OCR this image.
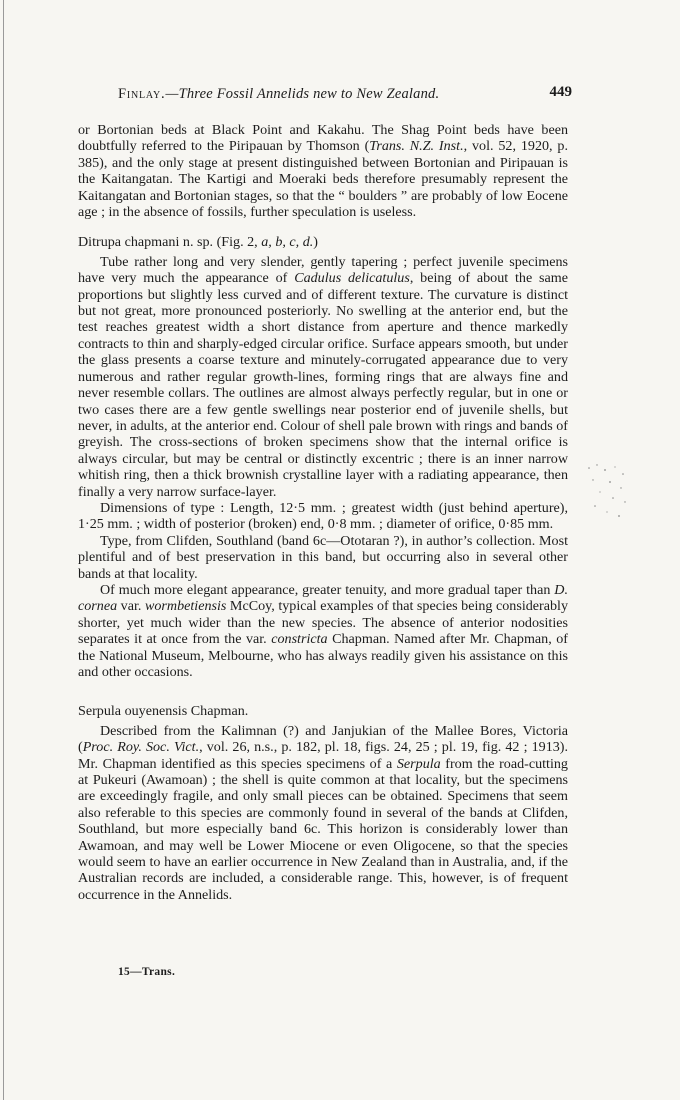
Finlay.—Three Fossil Annelids new to New Zealand.	449

or Bortonian beds at Black Point and Kakahu. The Shag Point beds have been doubtfully referred to the Piripauan by Thomson (Trans. N.Z. Inst., vol. 52, 1920, p. 385), and the only stage at present distinguished between Bortonian and Piripauan is the Kaitangatan. The Kartigi and Moeraki beds therefore presumably represent the Kaitangatan and Bortonian stages, so that the “ boulders ” are probably of low Eocene age ; in the absence of fossils, further speculation is useless.

Ditrupa chapmani n. sp. (Fig. 2, a, b, c, d.)

Tube rather long and very slender, gently tapering ; perfect juvenile specimens have very much the appearance of Cadulus delicatulus, being of about the same proportions but slightly less curved and of different texture. The curvature is distinct but not great, more pronounced posteriorly. No swelling at the anterior end, but the test reaches greatest width a short distance from aperture and thence markedly contracts to thin and sharply-edged circular orifice. Surface appears smooth, but under the glass presents a coarse texture and minutely-corrugated appearance due to very numerous and rather regular growth-lines, forming rings that are always fine and never resemble collars. The outlines are almost always perfectly regular, but in one or two cases there are a few gentle swellings near posterior end of juvenile shells, but never, in adults, at the anterior end. Colour of shell pale brown with rings and bands of greyish. The cross-sections of broken specimens show that the internal orifice is always circular, but may be central or distinctly excentric ; there is an inner narrow whitish ring, then a thick brownish crystalline layer with a radiating appearance, then finally a very narrow surface-layer.

Dimensions of type : Length, 12·5 mm. ; greatest width (just behind aperture), 1·25 mm. ; width of posterior (broken) end, 0·8 mm. ; diameter of orifice, 0·85 mm.

Type, from Clifden, Southland (band 6c—Ototaran ?), in author’s collection. Most plentiful and of best preservation in this band, but occurring also in several other bands at that locality.

Of much more elegant appearance, greater tenuity, and more gradual taper than D. cornea var. wormbetiensis McCoy, typical examples of that species being considerably shorter, yet much wider than the new species. The absence of anterior nodosities separates it at once from the var. constricta Chapman. Named after Mr. Chapman, of the National Museum, Melbourne, who has always readily given his assistance on this and other occasions.

Serpula ouyenensis Chapman.

Described from the Kalimnan (?) and Janjukian of the Mallee Bores, Victoria (Proc. Roy. Soc. Vict., vol. 26, n.s., p. 182, pl. 18, figs. 24, 25 ; pl. 19, fig. 42 ; 1913). Mr. Chapman identified as this species specimens of a Serpula from the road-cutting at Pukeuri (Awamoan) ; the shell is quite common at that locality, but the specimens are exceedingly fragile, and only small pieces can be obtained. Specimens that seem also referable to this species are commonly found in several of the bands at Clifden, Southland, but more especially band 6c. This horizon is considerably lower than Awamoan, and may well be Lower Miocene or even Oligocene, so that the species would seem to have an earlier occurrence in New Zealand than in Australia, and, if the Australian records are included, a considerable range. This, however, is of frequent occurrence in the Annelids.

15—Trans.
